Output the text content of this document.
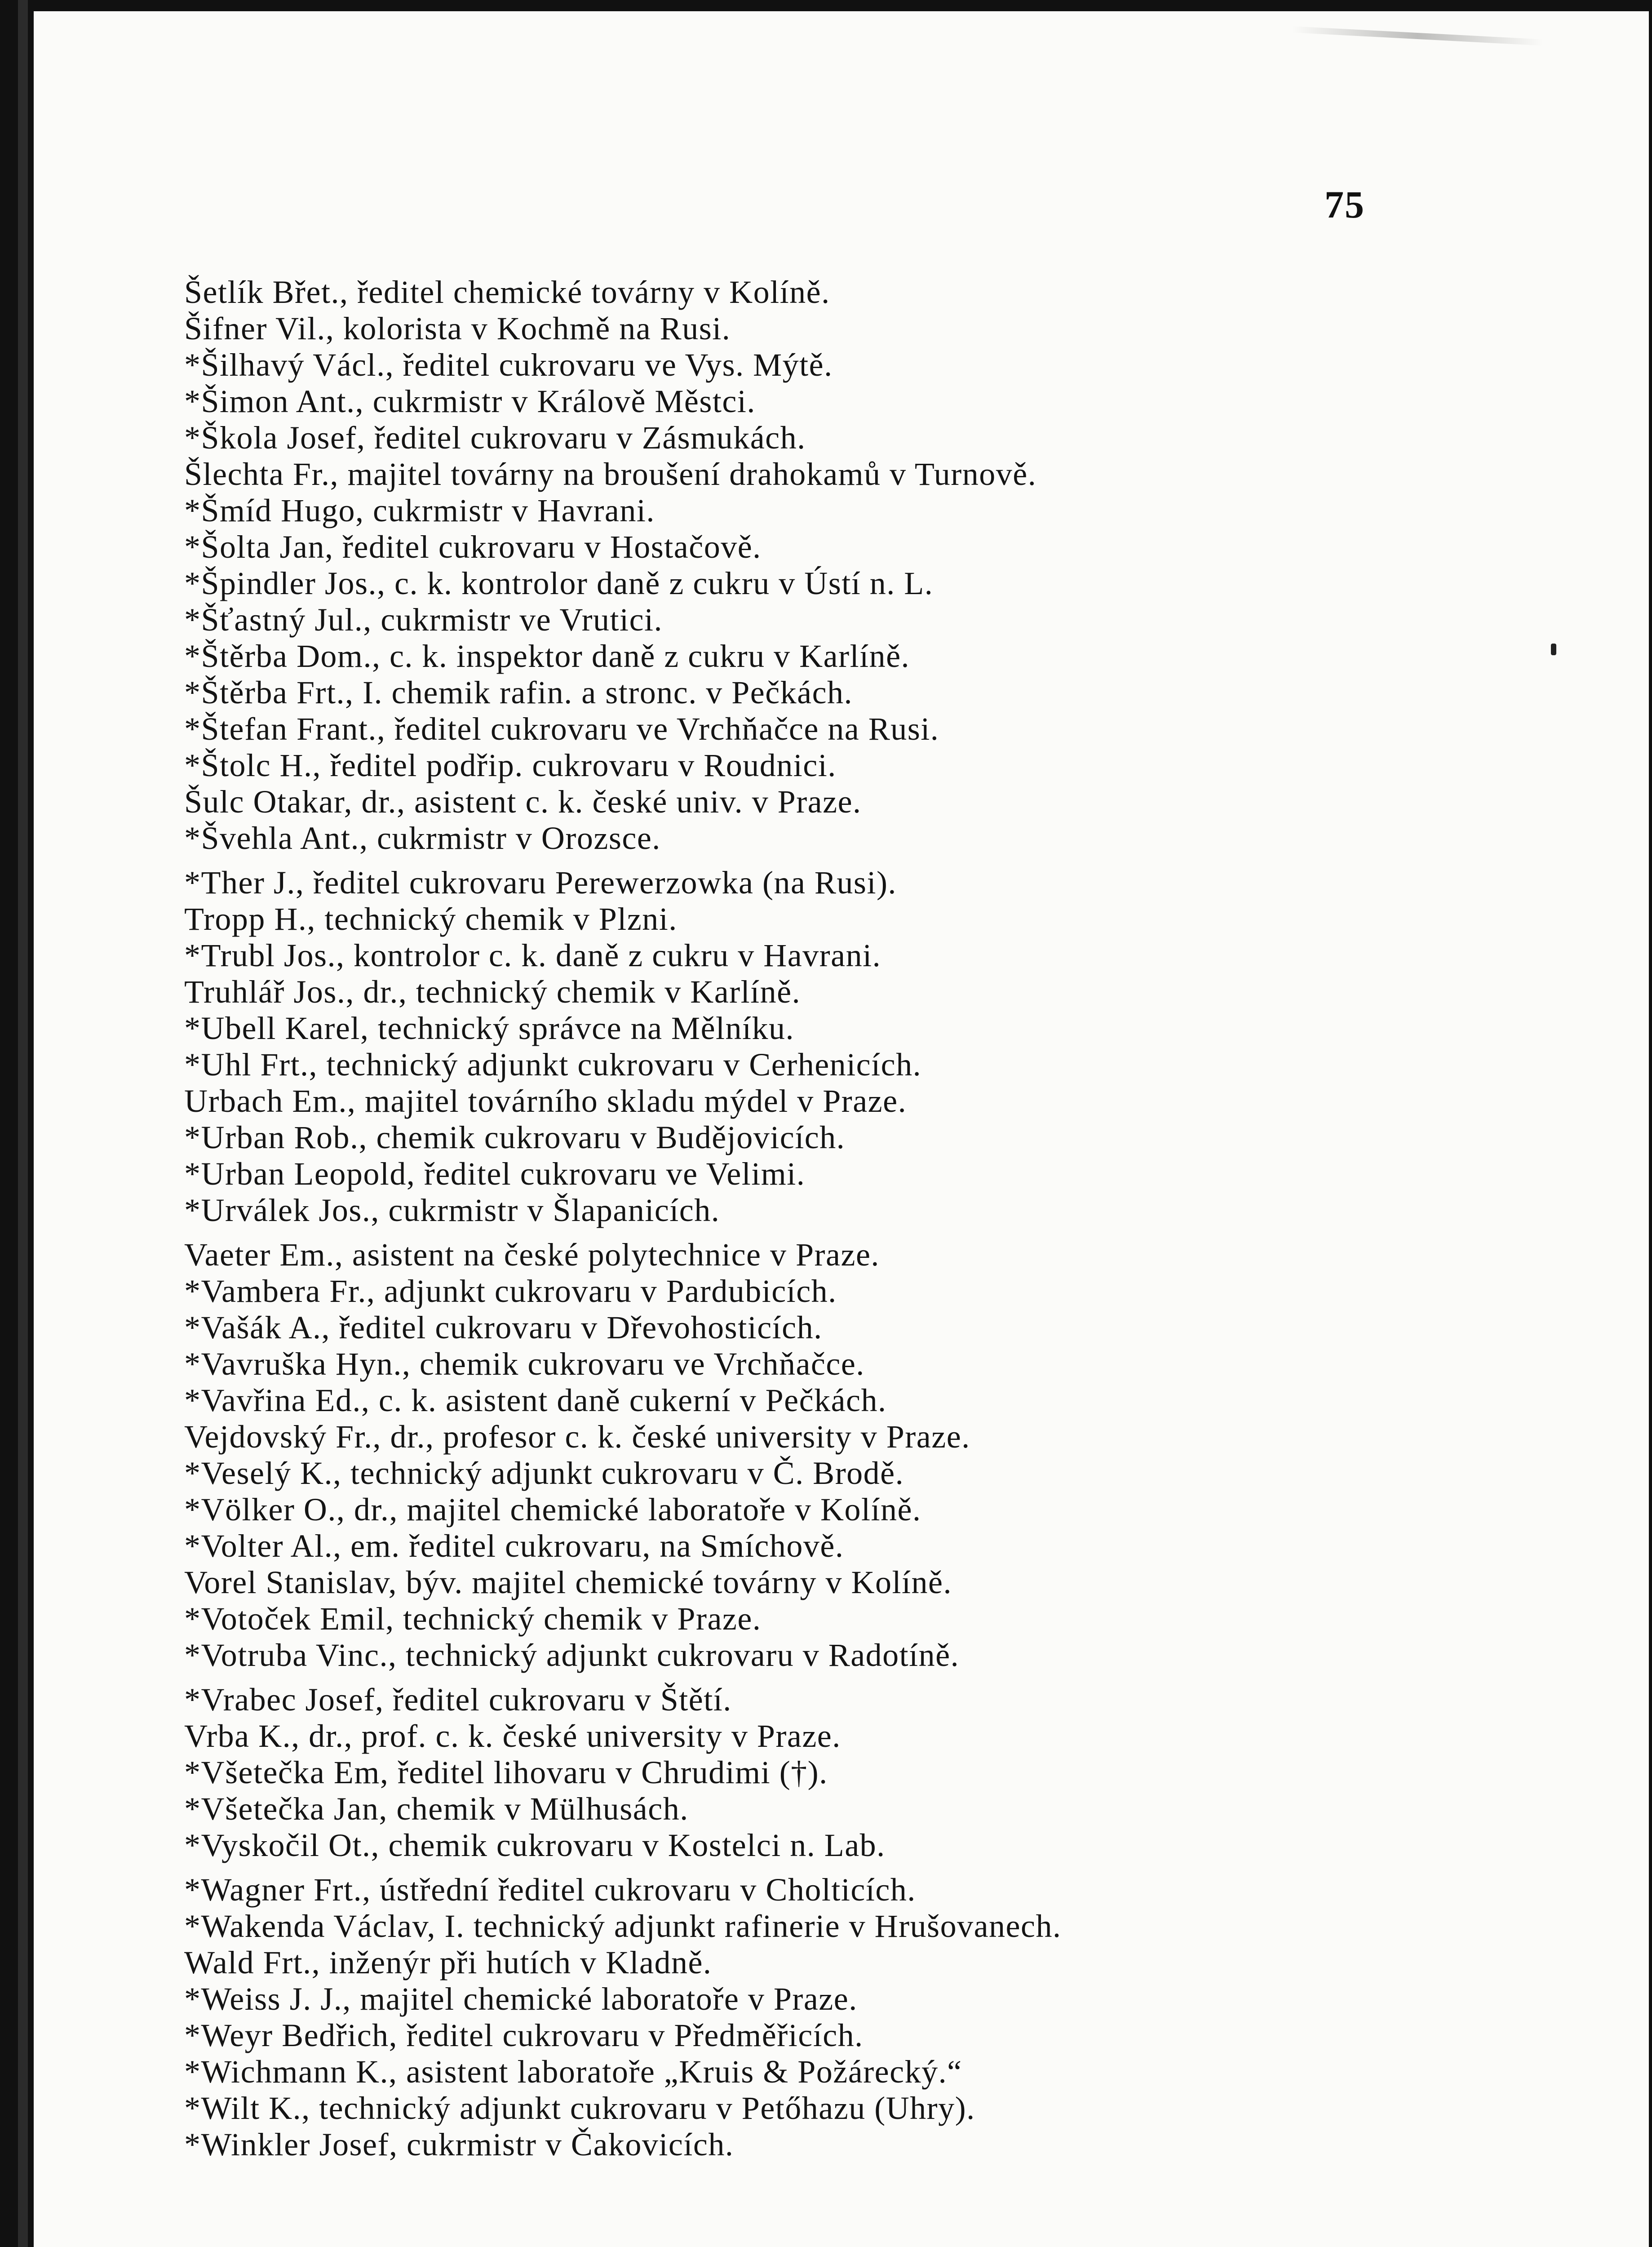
75
Šetlík Břet., ředitel chemické továrny v Kolíně.
Šifner Vil., kolorista v Kochmě na Rusi.
*Šilhavý Václ., ředitel cukrovaru ve Vys. Mýtě.
*Šimon Ant., cukrmistr v Králově Městci.
*Škola Josef, ředitel cukrovaru v Zásmukách.
Šlechta Fr., majitel továrny na broušení drahokamů v Turnově.
*Šmíd Hugo, cukrmistr v Havrani.
*Šolta Jan, ředitel cukrovaru v Hostačově.
*Špindler Jos., c. k. kontrolor daně z cukru v Ústí n. L.
*Šťastný Jul., cukrmistr ve Vrutici.
*Štěrba Dom., c. k. inspektor daně z cukru v Karlíně.
*Štěrba Frt., I. chemik rafin. a stronc. v Pečkách.
*Štefan Frant., ředitel cukrovaru ve Vrchňačce na Rusi.
*Štolc H., ředitel podřip. cukrovaru v Roudnici.
Šulc Otakar, dr., asistent c. k. české univ. v Praze.
*Švehla Ant., cukrmistr v Orozsce.
*Ther J., ředitel cukrovaru Perewerzowka (na Rusi).
Tropp H., technický chemik v Plzni.
*Trubl Jos., kontrolor c. k. daně z cukru v Havrani.
Truhlář Jos., dr., technický chemik v Karlíně.
*Ubell Karel, technický správce na Mělníku.
*Uhl Frt., technický adjunkt cukrovaru v Cerhenicích.
Urbach Em., majitel továrního skladu mýdel v Praze.
*Urban Rob., chemik cukrovaru v Budějovicích.
*Urban Leopold, ředitel cukrovaru ve Velimi.
*Urválek Jos., cukrmistr v Šlapanicích.
Vaeter Em., asistent na české polytechnice v Praze.
*Vambera Fr., adjunkt cukrovaru v Pardubicích.
*Vašák A., ředitel cukrovaru v Dřevohosticích.
*Vavruška Hyn., chemik cukrovaru ve Vrchňačce.
*Vavřina Ed., c. k. asistent daně cukerní v Pečkách.
Vejdovský Fr., dr., profesor c. k. české university v Praze.
*Veselý K., technický adjunkt cukrovaru v Č. Brodě.
*Völker O., dr., majitel chemické laboratoře v Kolíně.
*Volter Al., em. ředitel cukrovaru, na Smíchově.
Vorel Stanislav, býv. majitel chemické továrny v Kolíně.
*Votoček Emil, technický chemik v Praze.
*Votruba Vinc., technický adjunkt cukrovaru v Radotíně.
*Vrabec Josef, ředitel cukrovaru v Štětí.
Vrba K., dr., prof. c. k. české university v Praze.
*Všetečka Em, ředitel lihovaru v Chrudimi (†).
*Všetečka Jan, chemik v Mülhusách.
*Vyskočil Ot., chemik cukrovaru v Kostelci n. Lab.
*Wagner Frt., ústřední ředitel cukrovaru v Cholticích.
*Wakenda Václav, I. technický adjunkt rafinerie v Hrušovanech.
Wald Frt., inženýr při hutích v Kladně.
*Weiss J. J., majitel chemické laboratoře v Praze.
*Weyr Bedřich, ředitel cukrovaru v Předměřicích.
*Wichmann K., asistent laboratoře „Kruis & Požárecký.“
*Wilt K., technický adjunkt cukrovaru v Petőhazu (Uhry).
*Winkler Josef, cukrmistr v Čakovicích.
